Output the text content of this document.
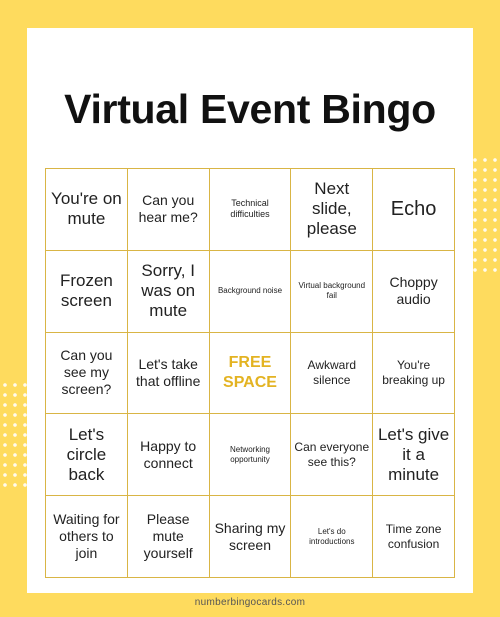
Virtual Event Bingo
You're on mute
Can you hear me?
Technical difficulties
Next slide, please
Echo
Frozen screen
Sorry, I was on mute
Background noise
Virtual background fail
Choppy audio
Can you see my screen?
Let's take that offline
FREE SPACE
Awkward silence
You're breaking up
Let's circle back
Happy to connect
Networking opportunity
Can everyone see this?
Let's give it a minute
Waiting for others to join
Please mute yourself
Sharing my screen
Let's do introductions
Time zone confusion
numberbingocards.com
